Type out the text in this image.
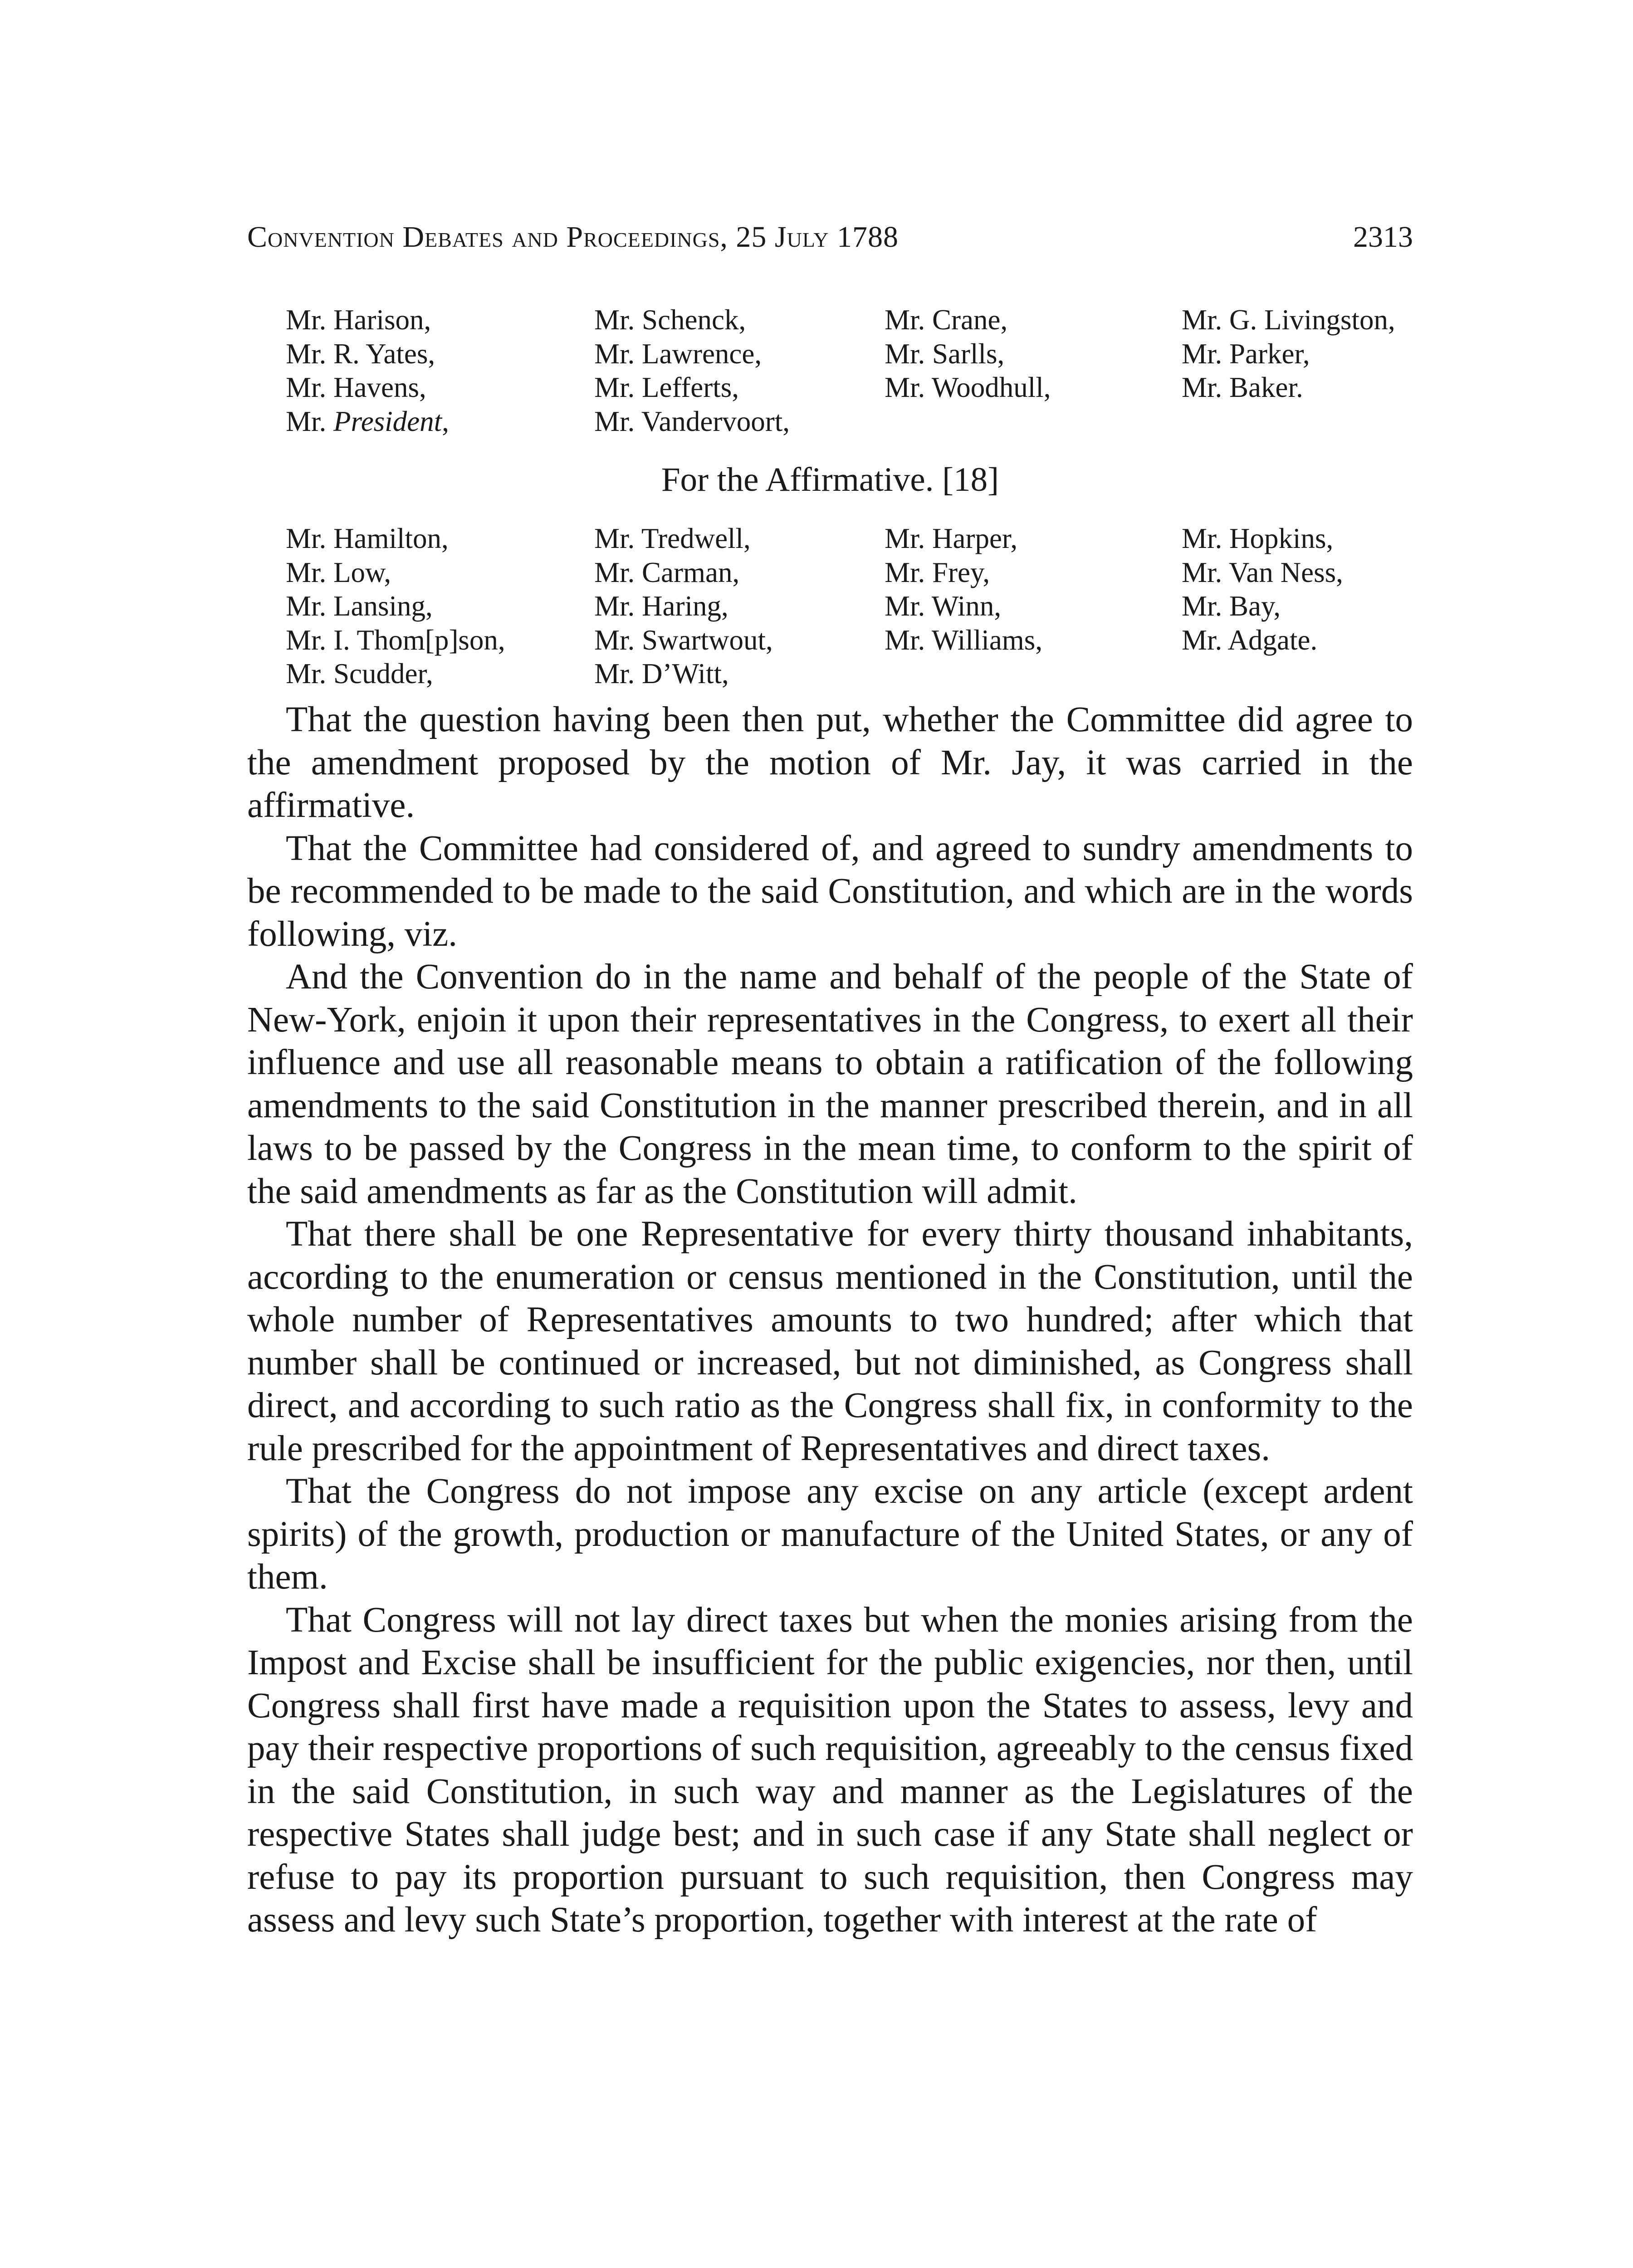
Convention Debates and Proceedings, 25 July 1788	2313
Mr. Harison,	Mr. Schenck,	Mr. Crane,	Mr. G. Livingston,
Mr. R. Yates,	Mr. Lawrence,	Mr. Sarlls,	Mr. Parker,
Mr. Havens,	Mr. Lefferts,	Mr. Woodhull,	Mr. Baker.
Mr. President,	Mr. Vandervoort,
For the Affirmative. [18]
Mr. Hamilton,	Mr. Tredwell,	Mr. Harper,	Mr. Hopkins,
Mr. Low,	Mr. Carman,	Mr. Frey,	Mr. Van Ness,
Mr. Lansing,	Mr. Haring,	Mr. Winn,	Mr. Bay,
Mr. I. Thom[p]son,	Mr. Swartwout,	Mr. Williams,	Mr. Adgate.
Mr. Scudder,	Mr. D’Witt,

That the question having been then put, whether the Committee did agree to the amendment proposed by the motion of Mr. Jay, it was carried in the affirmative.

That the Committee had considered of, and agreed to sundry amendments to be recommended to be made to the said Constitution, and which are in the words following, viz.

And the Convention do in the name and behalf of the people of the State of New-York, enjoin it upon their representatives in the Congress, to exert all their influence and use all reasonable means to obtain a ratification of the following amendments to the said Constitution in the manner prescribed therein, and in all laws to be passed by the Congress in the mean time, to conform to the spirit of the said amendments as far as the Constitution will admit.

That there shall be one Representative for every thirty thousand inhabitants, according to the enumeration or census mentioned in the Constitution, until the whole number of Representatives amounts to two hundred; after which that number shall be continued or increased, but not diminished, as Congress shall direct, and according to such ratio as the Congress shall fix, in conformity to the rule prescribed for the appointment of Representatives and direct taxes.

That the Congress do not impose any excise on any article (except ardent spirits) of the growth, production or manufacture of the United States, or any of them.

That Congress will not lay direct taxes but when the monies arising from the Impost and Excise shall be insufficient for the public exigencies, nor then, until Congress shall first have made a requisition upon the States to assess, levy and pay their respective proportions of such requisition, agreeably to the census fixed in the said Constitution, in such way and manner as the Legislatures of the respective States shall judge best; and in such case if any State shall neglect or refuse to pay its proportion pursuant to such requisition, then Congress may assess and levy such State’s proportion, together with interest at the rate of
